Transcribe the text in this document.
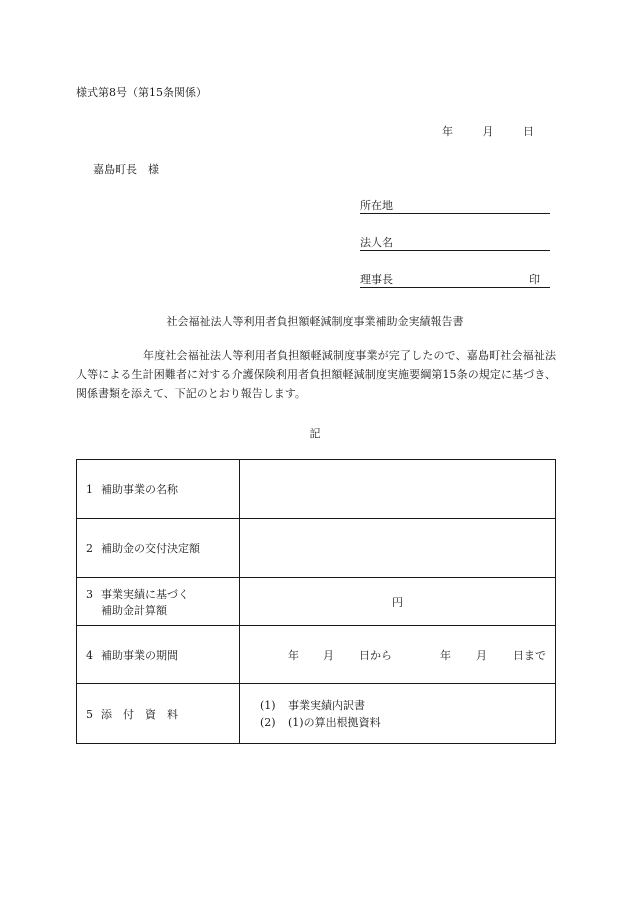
様式第8号（第15条関係）
年	月	日
嘉島町長　様
所在地
法人名
理事長	印
社会福祉法人等利用者負担額軽減制度事業補助金実績報告書
　　　　　　年度社会福祉法人等利用者負担額軽減制度事業が完了したので、嘉島町社会福祉法人等による生計困難者に対する介護保険利用者負担額軽減制度実施要綱第15条の規定に基づき、関係書類を添えて、下記のとおり報告します。
記
1 補助事業の名称	
2 補助金の交付決定額	
3 事業実績に基づく
補助金計算額	円
4 補助事業の期間	年 月 日から 年 月 日まで
5 添　付　資　料	(1) 事業実績内訳書
(2) (1)の算出根拠資料
